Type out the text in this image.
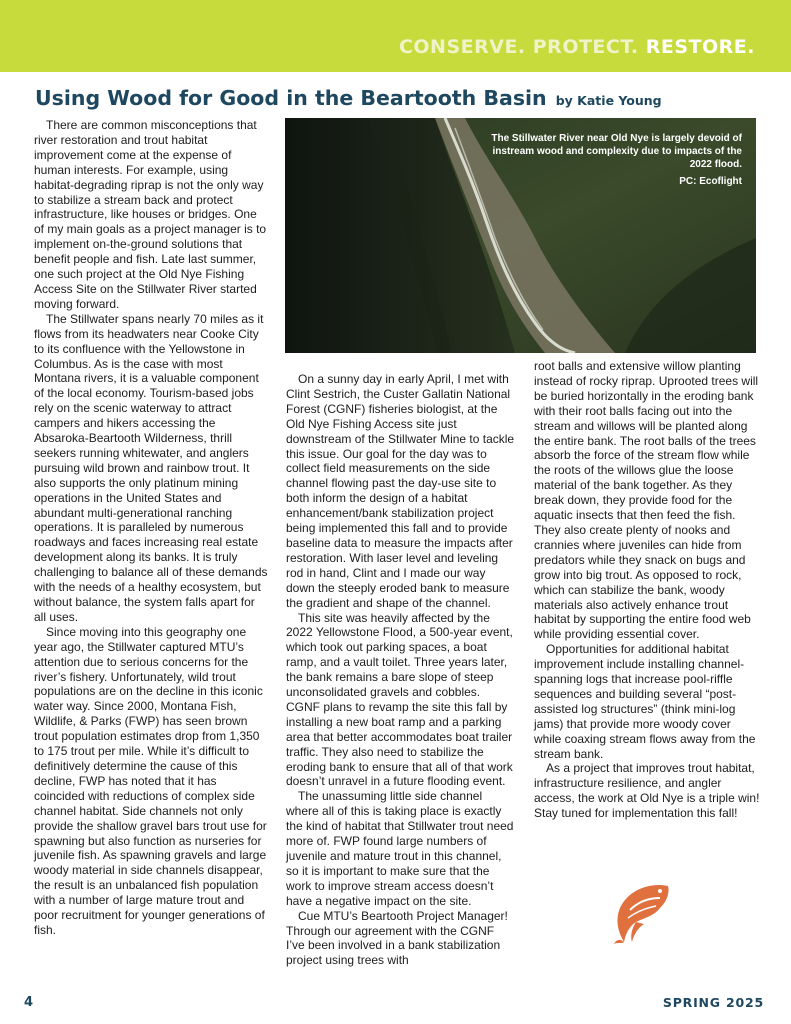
CONSERVE. PROTECT. RESTORE.
Using Wood for Good in the Beartooth Basin by Katie Young

There are common misconceptions that river restoration and trout habitat improvement come at the expense of human interests. For example, using habitat-degrading riprap is not the only way to stabilize a stream back and protect infrastructure, like houses or bridges. One of my main goals as a project manager is to implement on-the-ground solutions that benefit people and fish. Late last summer, one such project at the Old Nye Fishing Access Site on the Stillwater River started moving forward.

The Stillwater spans nearly 70 miles as it flows from its headwaters near Cooke City to its confluence with the Yellowstone in Columbus. As is the case with most Montana rivers, it is a valuable component of the local economy. Tourism-based jobs rely on the scenic waterway to attract campers and hikers accessing the Absaroka-Beartooth Wilderness, thrill seekers running whitewater, and anglers pursuing wild brown and rainbow trout. It also supports the only platinum mining operations in the United States and abundant multi-generational ranching operations. It is paralleled by numerous roadways and faces increasing real estate development along its banks. It is truly challenging to balance all of these demands with the needs of a healthy ecosystem, but without balance, the system falls apart for all uses.

Since moving into this geography one year ago, the Stillwater captured MTU’s attention due to serious concerns for the river’s fishery. Unfortunately, wild trout populations are on the decline in this iconic water way. Since 2000, Montana Fish, Wildlife, & Parks (FWP) has seen brown trout population estimates drop from 1,350 to 175 trout per mile. While it’s difficult to definitively determine the cause of this decline, FWP has noted that it has coincided with reductions of complex side channel habitat. Side channels not only provide the shallow gravel bars trout use for spawning but also function as nurseries for juvenile fish. As spawning gravels and large woody material in side channels disappear, the result is an unbalanced fish population with a number of large mature trout and poor recruitment for younger generations of fish.

The Stillwater River near Old Nye is largely devoid of instream wood and complexity due to impacts of the 2022 flood.
PC: Ecoflight

On a sunny day in early April, I met with Clint Sestrich, the Custer Gallatin National Forest (CGNF) fisheries biologist, at the Old Nye Fishing Access site just downstream of the Stillwater Mine to tackle this issue. Our goal for the day was to collect field measurements on the side channel flowing past the day-use site to both inform the design of a habitat enhancement/bank stabilization project being implemented this fall and to provide baseline data to measure the impacts after restoration. With laser level and leveling rod in hand, Clint and I made our way down the steeply eroded bank to measure the gradient and shape of the channel.

This site was heavily affected by the 2022 Yellowstone Flood, a 500-year event, which took out parking spaces, a boat ramp, and a vault toilet. Three years later, the bank remains a bare slope of steep unconsolidated gravels and cobbles. CGNF plans to revamp the site this fall by installing a new boat ramp and a parking area that better accommodates boat trailer traffic. They also need to stabilize the eroding bank to ensure that all of that work doesn’t unravel in a future flooding event.

The unassuming little side channel where all of this is taking place is exactly the kind of habitat that Stillwater trout need more of. FWP found large numbers of juvenile and mature trout in this channel, so it is important to make sure that the work to improve stream access doesn’t have a negative impact on the site.

Cue MTU’s Beartooth Project Manager! Through our agreement with the CGNF I’ve been involved in a bank stabilization project using trees with

root balls and extensive willow planting instead of rocky riprap. Uprooted trees will be buried horizontally in the eroding bank with their root balls facing out into the stream and willows will be planted along the entire bank. The root balls of the trees absorb the force of the stream flow while the roots of the willows glue the loose material of the bank together. As they break down, they provide food for the aquatic insects that then feed the fish. They also create plenty of nooks and crannies where juveniles can hide from predators while they snack on bugs and grow into big trout. As opposed to rock, which can stabilize the bank, woody materials also actively enhance trout habitat by supporting the entire food web while providing essential cover.

Opportunities for additional habitat improvement include installing channel-spanning logs that increase pool-riffle sequences and building several “post-assisted log structures” (think mini-log jams) that provide more woody cover while coaxing stream flows away from the stream bank.

As a project that improves trout habitat, infrastructure resilience, and angler access, the work at Old Nye is a triple win! Stay tuned for implementation this fall!

4	SPRING 2025
